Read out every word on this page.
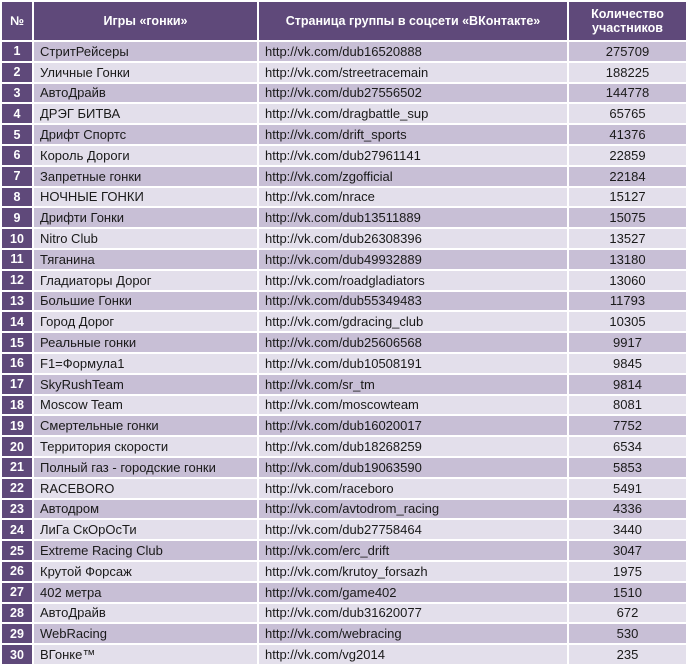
№	Игры «гонки»	Страница группы в соцсети «ВКонтакте»	Количество участников
1	СтритРейсеры	http://vk.com/dub16520888	275709
2	Уличные Гонки	http://vk.com/streetracemain	188225
3	АвтоДрайв	http://vk.com/dub27556502	144778
4	ДРЭГ БИТВА	http://vk.com/dragbattle_sup	65765
5	Дрифт Спортс	http://vk.com/drift_sports	41376
6	Король Дороги	http://vk.com/dub27961141	22859
7	Запретные гонки	http://vk.com/zgofficial	22184
8	НОЧНЫЕ ГОНКИ	http://vk.com/nrace	15127
9	Дрифти Гонки	http://vk.com/dub13511889	15075
10	Nitro Club	http://vk.com/dub26308396	13527
11	Тяганина	http://vk.com/dub49932889	13180
12	Гладиаторы Дорог	http://vk.com/roadgladiators	13060
13	Большие Гонки	http://vk.com/dub55349483	11793
14	Город Дорог	http://vk.com/gdracing_club	10305
15	Реальные гонки	http://vk.com/dub25606568	9917
16	F1=Формула1	http://vk.com/dub10508191	9845
17	SkyRushTeam	http://vk.com/sr_tm	9814
18	Moscow Team	http://vk.com/moscowteam	8081
19	Смертельные гонки	http://vk.com/dub16020017	7752
20	Территория скорости	http://vk.com/dub18268259	6534
21	Полный газ - городские гонки	http://vk.com/dub19063590	5853
22	RACEBORO	http://vk.com/raceboro	5491
23	Автодром	http://vk.com/avtodrom_racing	4336
24	ЛиГа СкОрОсТи	http://vk.com/dub27758464	3440
25	Extreme Racing Club	http://vk.com/erc_drift	3047
26	Крутой Форсаж	http://vk.com/krutoy_forsazh	1975
27	402 метра	http://vk.com/game402	1510
28	АвтоДрайв	http://vk.com/dub31620077	672
29	WebRacing	http://vk.com/webracing	530
30	ВГонке™	http://vk.com/vg2014	235
